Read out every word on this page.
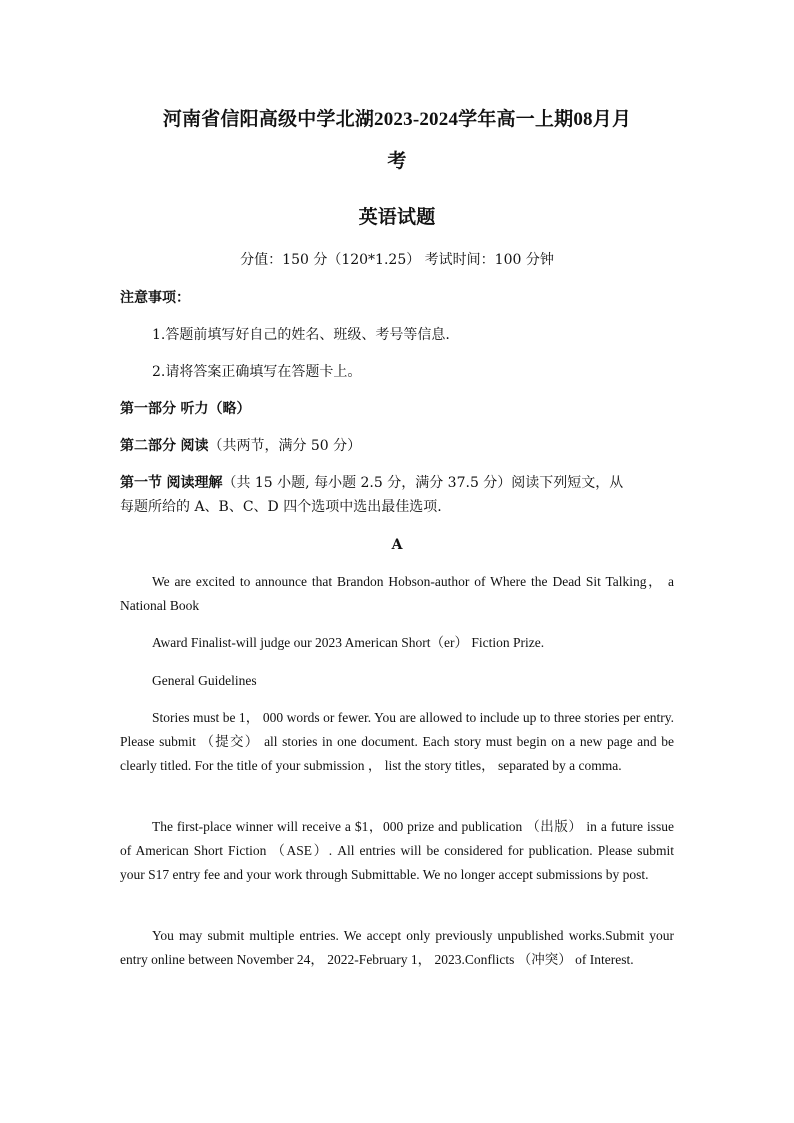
河南省信阳高级中学北湖2023-2024学年高一上期08月月
考
英语试题
分值：150 分（120*1.25） 考试时间：100 分钟
注意事项：
1.答题前填写好自己的姓名、班级、考号等信息.
2.请将答案正确填写在答题卡上。
第一部分 听力（略）
第二部分 阅读（共两节，满分 50 分）
第一节 阅读理解（共 15 小题, 每小题 2.5 分，满分 37.5 分）阅读下列短文，从
每题所给的 A、B、C、D 四个选项中选出最佳选项.
A
We are excited to announce that Brandon Hobson-author of Where the Dead Sit Talking， a National Book
Award Finalist-will judge our 2023 American Short（er） Fiction Prize.
General Guidelines
Stories must be 1， 000 words or fewer. You are allowed to include up to three stories per entry. Please submit （提交） all stories in one document. Each story must begin on a new page and be clearly titled. For the title of your submission ， list the story titles， separated by a comma.
The first-place winner will receive a $1，000 prize and publication （出版） in a future issue of American Short Fiction （ASE）. All entries will be considered for publication. Please submit your S17 entry fee and your work through Submittable. We no longer accept submissions by post.
You may submit multiple entries. We accept only previously unpublished works.Submit your entry online between November 24， 2022-February 1， 2023.Conflicts （冲突） of Interest.
